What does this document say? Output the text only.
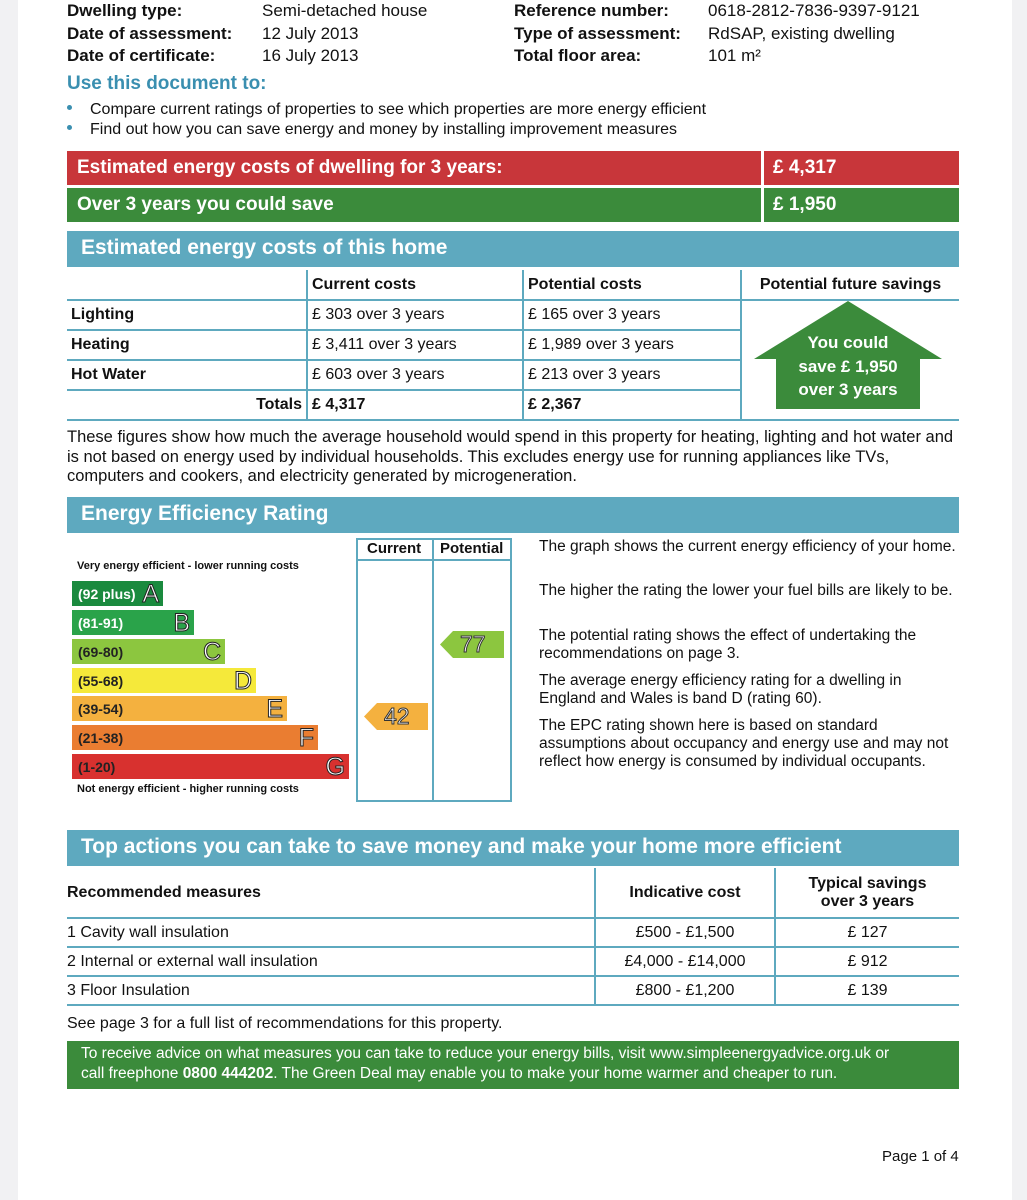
Dwelling type:	Semi-detached house
Date of assessment: 12 July 2013
Date of certificate:	16 July 2013
Reference number: 0618-2812-7836-9397-9121
Type of assessment: RdSAP, existing dwelling
Total floor area:	101 m²
Use this document to:
Compare current ratings of properties to see which properties are more energy efficient
Find out how you can save energy and money by installing improvement measures
Estimated energy costs of dwelling for 3 years:	£ 4,317
Over 3 years you could save	£ 1,950
Estimated energy costs of this home
	Current costs	Potential costs	Potential future savings
Lighting	£ 303 over 3 years	£ 165 over 3 years	You could
save £ 1,950
over 3 years

Heating	£ 3,411 over 3 years	£ 1,989 over 3 years	
Hot Water	£ 603 over 3 years	£ 213 over 3 years	
Totals	£ 4,317	£ 2,367	
These figures show how much the average household would spend in this property for heating, lighting and hot water and is not based on energy used by individual households. This excludes energy use for running appliances like TVs, computers and cookers, and electricity generated by microgeneration.
Energy Efficiency Rating
Current Potential
Very energy efficient - lower running costs
Not energy efficient - higher running costs
(92 plus) A
(81-91) B
(69-80)	C
(55-68)	D
(39-54)	E
(21-38)	F
(1-20)	G
42
77
The graph shows the current energy efficiency of your home.
The higher the rating the lower your fuel bills are likely to be.
The potential rating shows the effect of undertaking the recommendations on page 3.
The average energy efficiency rating for a dwelling in England and Wales is band D (rating 60).
The EPC rating shown here is based on standard assumptions about occupancy and energy use and may not reflect how energy is consumed by individual occupants.
Top actions you can take to save money and make your home more efficient
Recommended measures	Indicative cost	Typical savings over 3 years
1 Cavity wall insulation	£500 - £1,500	£ 127
2 Internal or external wall insulation	£4,000 - £14,000	£ 912
3 Floor Insulation	£800 - £1,200	£ 139
See page 3 for a full list of recommendations for this property.
To receive advice on what measures you can take to reduce your energy bills, visit www.simpleenergyadvice.org.uk or
call freephone 0800 444202. The Green Deal may enable you to make your home warmer and cheaper to run.
Page 1 of 4
